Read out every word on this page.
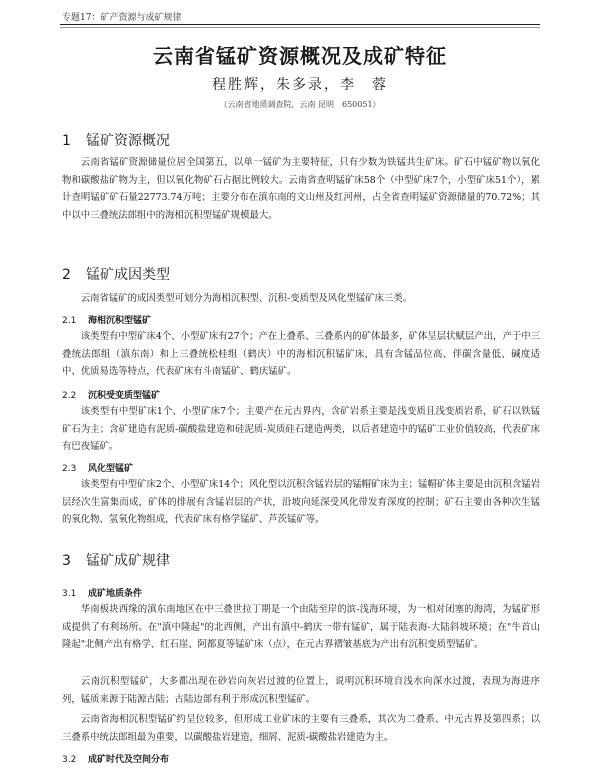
专题17：矿产资源与成矿规律
云南省锰矿资源概况及成矿特征
程胜辉，朱多录，李　蓉
（云南省地质调查院，云南 昆明　650051）
1 锰矿资源概况

云南省锰矿资源储量位居全国第五，以单一锰矿为主要特征，只有少数为铁锰共生矿床。矿石中锰矿物以氧化物和碳酸盐矿物为主，但以氧化物矿石占据比例较大。云南省查明锰矿床58个（中型矿床7个，小型矿床51个），累计查明锰矿矿石量22773.74万吨；主要分布在滇东南的文山州及红河州，占全省查明锰矿资源储量的70.72%；其中以中三叠统法郎组中的海相沉积型锰矿规模最大。

2 锰矿成因类型

云南省锰矿的成因类型可划分为海相沉积型、沉积-变质型及风化型锰矿床三类。

2.1 海相沉积型锰矿

该类型有中型矿床4个、小型矿床有27个；产在上叠系、三叠系内的矿体最多，矿体呈层状赋层产出，产于中三叠统法郎组（滇东南）和上三叠统松桂组（鹤庆）中的海相沉积锰矿床，具有含锰品位高、伴碳含量低、碱度适中、优质易选等特点，代表矿床有斗南锰矿、鹤庆锰矿。

2.2 沉积受变质型锰矿

该类型有中型矿床1个、小型矿床7个；主要产在元古界内，含矿岩系主要是浅变质且浅变质岩系，矿石以铁锰矿石为主；含矿建造有泥质-碳酸盐建造和硅泥质-炭质硅石建造两类，以后者建造中的锰矿工业价值较高，代表矿床有巴夜锰矿。

2.3 风化型锰矿

该类型有中型矿床2个、小型矿床14个；风化型以沉积含锰岩层的锰帽矿床为主；锰帽矿体主要是由沉积含锰岩层经次生富集而成，矿体的排展有含锰岩层的产状，沿坡向延深受风化带发育深度的控制；矿石主要由各种次生锰的氧化物、氢氧化物组成，代表矿床有格学锰矿、芦茨锰矿等。

3 锰矿成矿规律
3.1 成矿地质条件

华南板块西缘的滇东南地区在中三叠世拉丁期是一个由陆至岸的滨-浅海环境，为一相对闭塞的海湾，为锰矿形成提供了有利场所。在"滇中隆起"的北西侧，产出有滇中-鹤庆一带有锰矿，属于陆表海-大陆斜坡环境；在"牛首山隆起"北侧产出有格学、红石崖、阿都夏等锰矿床（点），在元古界褶皱基底为产出有沉积变质型锰矿。

云南沉积型锰矿，大多都出现在砂岩向灰岩过渡的位置上，说明沉积环境自浅水向深水过渡，表现为海进序列，锰质来源于陆源古陆；古陆边部有利于形成沉积型锰矿。

云南省海相沉积型锰矿约呈位较多，但形成工业矿床的主要有三叠系，其次为二叠系、中元古界及第四系；以三叠系中统法郎组最为重要，以碳酸盐岩建造，细屑、泥质-碳酸盐岩建造为主。

3.2 成矿时代及空间分布
